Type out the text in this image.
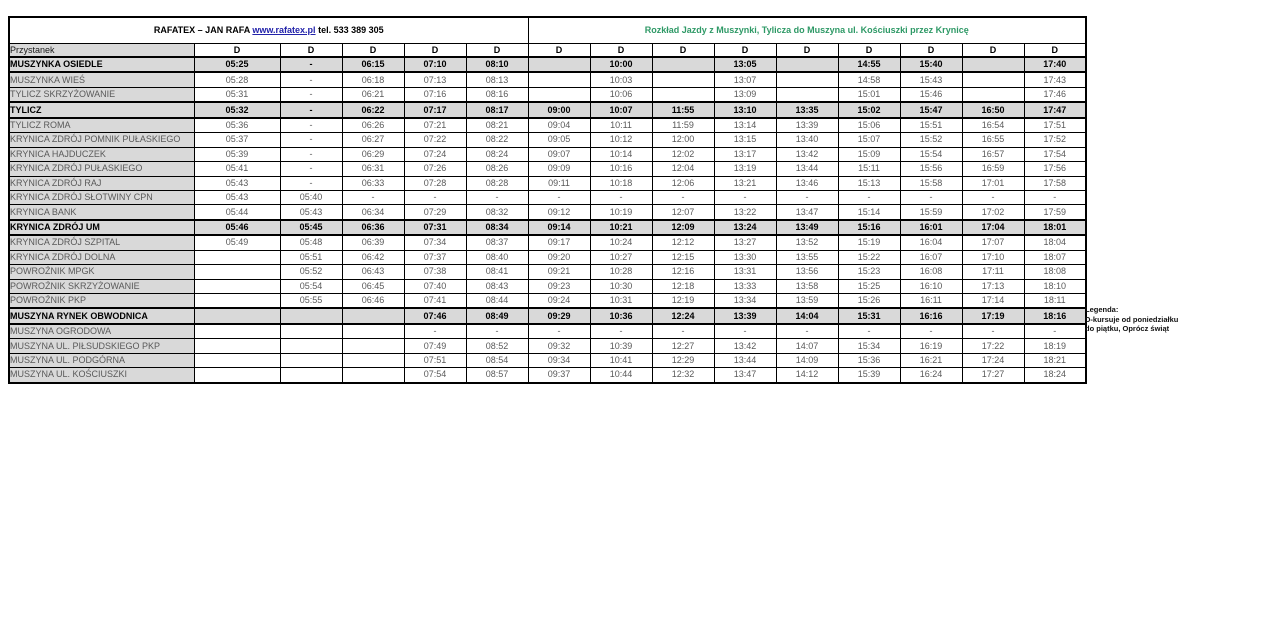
RAFATEX – JAN RAFA www.rafatex.pl tel. 533 389 305						Rozkład Jazdy z Muszynki, Tylicza do Muszyna ul. Kościuszki przez Krynicę								
Przystanek	D	D	D	D	D	D	D	D	D	D	D	D	D	D
MUSZYNKA OSIEDLE	05:25	-	06:15	07:10	08:10		10:00		13:05		14:55	15:40		17:40
MUSZYNKA WIEŚ	05:28	-	06:18	07:13	08:13		10:03		13:07		14:58	15:43		17:43
TYLICZ SKRZYŻOWANIE	05:31	-	06:21	07:16	08:16		10:06		13:09		15:01	15:46		17:46
TYLICZ	05:32	-	06:22	07:17	08:17	09:00	10:07	11:55	13:10	13:35	15:02	15:47	16:50	17:47
TYLICZ ROMA	05:36	-	06:26	07:21	08:21	09:04	10:11	11:59	13:14	13:39	15:06	15:51	16:54	17:51
KRYNICA ZDRÓJ POMNIK PUŁASKIEGO	05:37	-	06:27	07:22	08:22	09:05	10:12	12:00	13:15	13:40	15:07	15:52	16:55	17:52
KRYNICA HAJDUCZEK	05:39	-	06:29	07:24	08:24	09:07	10:14	12:02	13:17	13:42	15:09	15:54	16:57	17:54
KRYNICA ZDRÓJ PUŁASKIEGO	05:41	-	06:31	07:26	08:26	09:09	10:16	12:04	13:19	13:44	15:11	15:56	16:59	17:56
KRYNICA ZDRÓJ RAJ	05:43	-	06:33	07:28	08:28	09:11	10:18	12:06	13:21	13:46	15:13	15:58	17:01	17:58
KRYNICA ZDRÓJ SŁOTWINY CPN	05:43	05:40	-	-	-	-	-	-	-	-	-	-	-	-
KRYNICA BANK	05:44	05:43	06:34	07:29	08:32	09:12	10:19	12:07	13:22	13:47	15:14	15:59	17:02	17:59
KRYNICA ZDRÓJ UM	05:46	05:45	06:36	07:31	08:34	09:14	10:21	12:09	13:24	13:49	15:16	16:01	17:04	18:01
KRYNICA ZDRÓJ SZPITAL	05:49	05:48	06:39	07:34	08:37	09:17	10:24	12:12	13:27	13:52	15:19	16:04	17:07	18:04
KRYNICA ZDRÓJ DOLNA		05:51	06:42	07:37	08:40	09:20	10:27	12:15	13:30	13:55	15:22	16:07	17:10	18:07
POWROŹNIK MPGK		05:52	06:43	07:38	08:41	09:21	10:28	12:16	13:31	13:56	15:23	16:08	17:11	18:08
POWROŹNIK SKRZYŻOWANIE		05:54	06:45	07:40	08:43	09:23	10:30	12:18	13:33	13:58	15:25	16:10	17:13	18:10
POWROŹNIK PKP		05:55	06:46	07:41	08:44	09:24	10:31	12:19	13:34	13:59	15:26	16:11	17:14	18:11
MUSZYNA RYNEK OBWODNICA				07:46	08:49	09:29	10:36	12:24	13:39	14:04	15:31	16:16	17:19	18:16
MUSZYNA OGRODOWA				-	-	-	-	-	-	-	-	-	-	-
MUSZYNA UL. PIŁSUDSKIEGO PKP				07:49	08:52	09:32	10:39	12:27	13:42	14:07	15:34	16:19	17:22	18:19
MUSZYNA UL. PODGÓRNA				07:51	08:54	09:34	10:41	12:29	13:44	14:09	15:36	16:21	17:24	18:21
MUSZYNA UL. KOŚCIUSZKI				07:54	08:57	09:37	10:44	12:32	13:47	14:12	15:39	16:24	17:27	18:24
Legenda:
D-kursuje od poniedziałku
do piątku, Oprócz świąt
